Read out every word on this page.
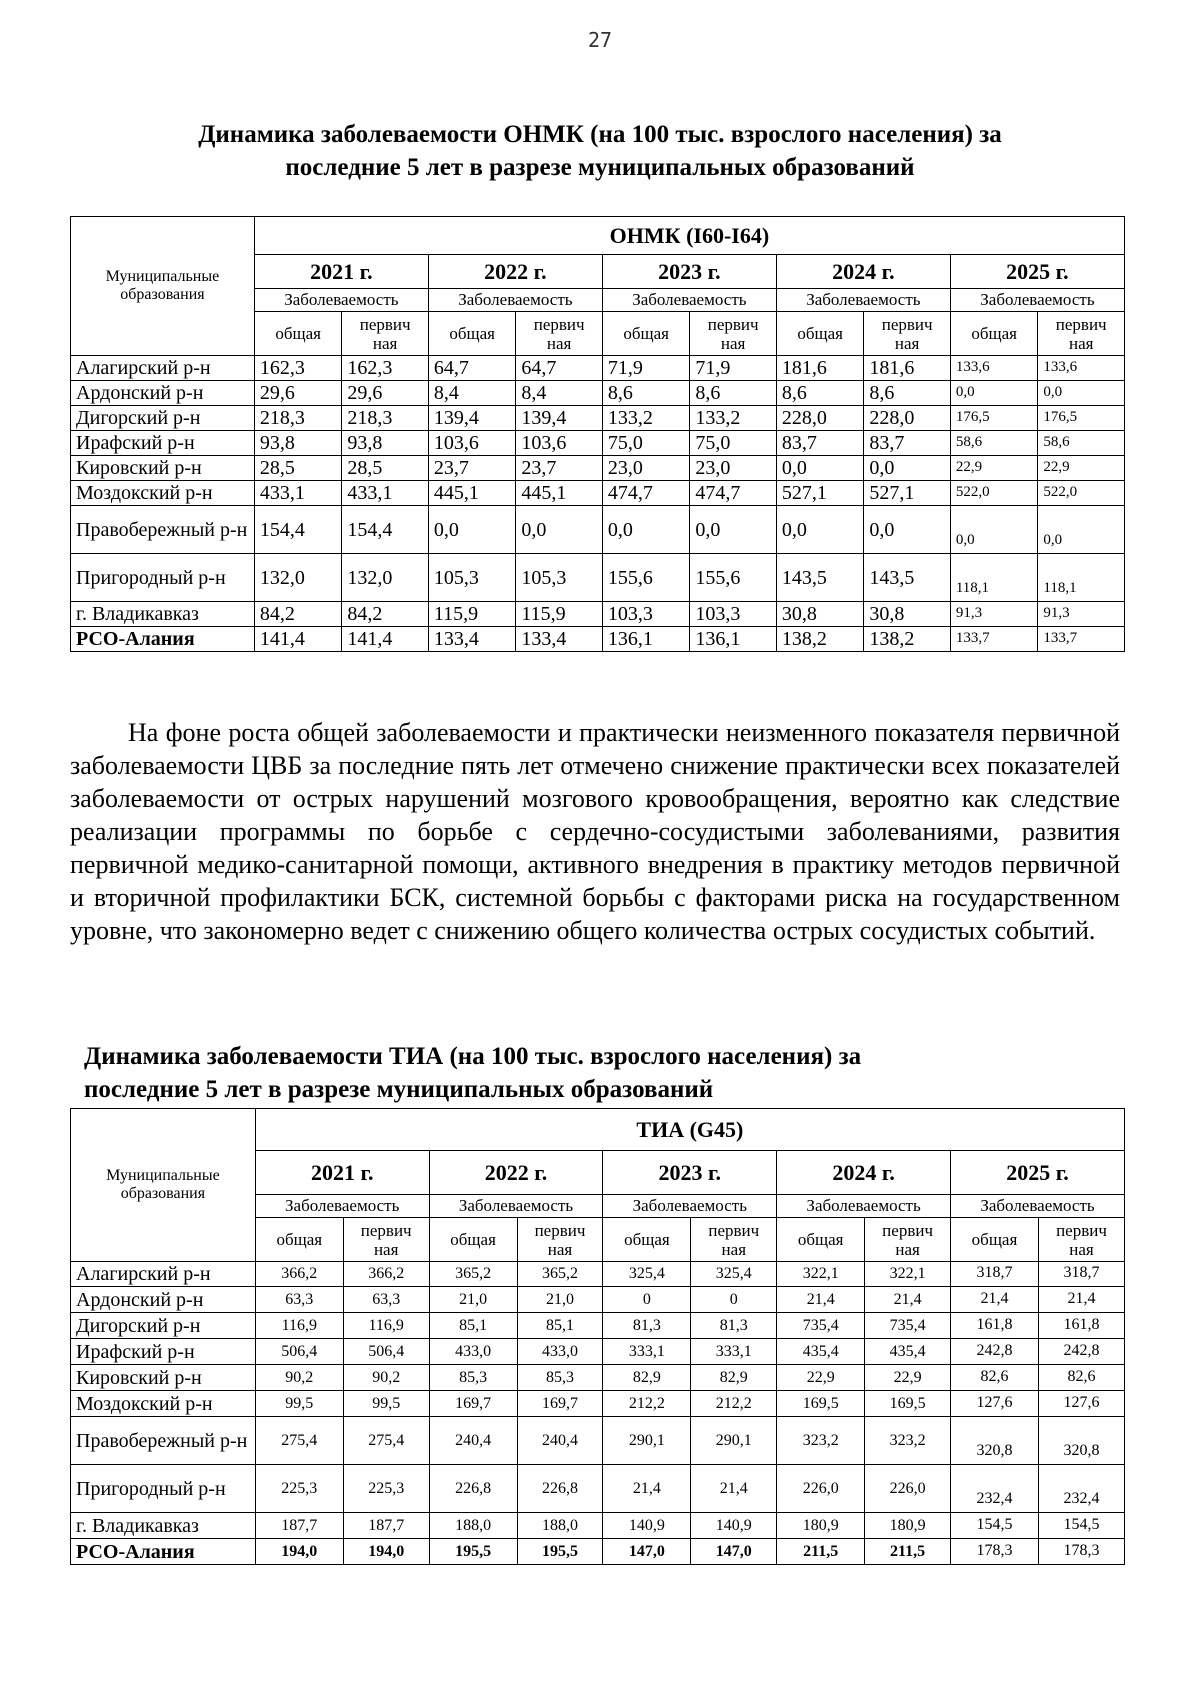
27
Динамика заболеваемости ОНМК (на 100 тыс. взрослого населения) за
последние 5 лет в разрезе муниципальных образований
Муниципальные образования	ОНМК (I60-I64)									
	2021 г.		2022 г.		2023 г.		2024 г.		2025 г.	
	Заболеваемость		Заболеваемость		Заболеваемость		Заболеваемость		Заболеваемость	
	общая	первич ная	общая	первич ная	общая	первич ная	общая	первич ная	общая	первич ная
Алагирский р-н	162,3	162,3	64,7	64,7	71,9	71,9	181,6	181,6	133,6	133,6
Ардонский р-н	29,6	29,6	8,4	8,4	8,6	8,6	8,6	8,6	0,0	0,0
Дигорский р-н	218,3	218,3	139,4	139,4	133,2	133,2	228,0	228,0	176,5	176,5
Ирафский р-н	93,8	93,8	103,6	103,6	75,0	75,0	83,7	83,7	58,6	58,6
Кировский р-н	28,5	28,5	23,7	23,7	23,0	23,0	0,0	0,0	22,9	22,9
Моздокский р-н	433,1	433,1	445,1	445,1	474,7	474,7	527,1	527,1	522,0	522,0
Правобережный р-н	154,4	154,4	0,0	0,0	0,0	0,0	0,0	0,0	0,0	0,0
Пригородный р-н	132,0	132,0	105,3	105,3	155,6	155,6	143,5	143,5	118,1	118,1
г. Владикавказ	84,2	84,2	115,9	115,9	103,3	103,3	30,8	30,8	91,3	91,3
РСО-Алания	141,4	141,4	133,4	133,4	136,1	136,1	138,2	138,2	133,7	133,7
На фоне роста общей заболеваемости и практически неизменного показателя первичной заболеваемости ЦВБ за последние пять лет отмечено снижение практически всех показателей заболеваемости от острых нарушений мозгового кровообращения, вероятно как следствие реализации программы по борьбе с сердечно-сосудистыми заболеваниями, развития первичной медико-санитарной помощи, активного внедрения в практику методов первичной и вторичной профилактики БСК, системной борьбы с факторами риска на государственном уровне, что закономерно ведет с снижению общего количества острых сосудистых событий.
Динамика заболеваемости ТИА (на 100 тыс. взрослого населения) за
последние 5 лет в разрезе муниципальных образований
Муниципальные образования	ТИА (G45)									
	2021 г.		2022 г.		2023 г.		2024 г.		2025 г.	
	Заболеваемость		Заболеваемость		Заболеваемость		Заболеваемость		Заболеваемость	
	общая	первич ная	общая	первич ная	общая	первич ная	общая	первич ная	общая	первич ная
Алагирский р-н	366,2	366,2	365,2	365,2	325,4	325,4	322,1	322,1	318,7	318,7
Ардонский р-н	63,3	63,3	21,0	21,0	0	0	21,4	21,4	21,4	21,4
Дигорский р-н	116,9	116,9	85,1	85,1	81,3	81,3	735,4	735,4	161,8	161,8
Ирафский р-н	506,4	506,4	433,0	433,0	333,1	333,1	435,4	435,4	242,8	242,8
Кировский р-н	90,2	90,2	85,3	85,3	82,9	82,9	22,9	22,9	82,6	82,6
Моздокский р-н	99,5	99,5	169,7	169,7	212,2	212,2	169,5	169,5	127,6	127,6
Правобережный р-н	275,4	275,4	240,4	240,4	290,1	290,1	323,2	323,2	320,8	320,8
Пригородный р-н	225,3	225,3	226,8	226,8	21,4	21,4	226,0	226,0	232,4	232,4
г. Владикавказ	187,7	187,7	188,0	188,0	140,9	140,9	180,9	180,9	154,5	154,5
РСО-Алания	194,0	194,0	195,5	195,5	147,0	147,0	211,5	211,5	178,3	178,3
